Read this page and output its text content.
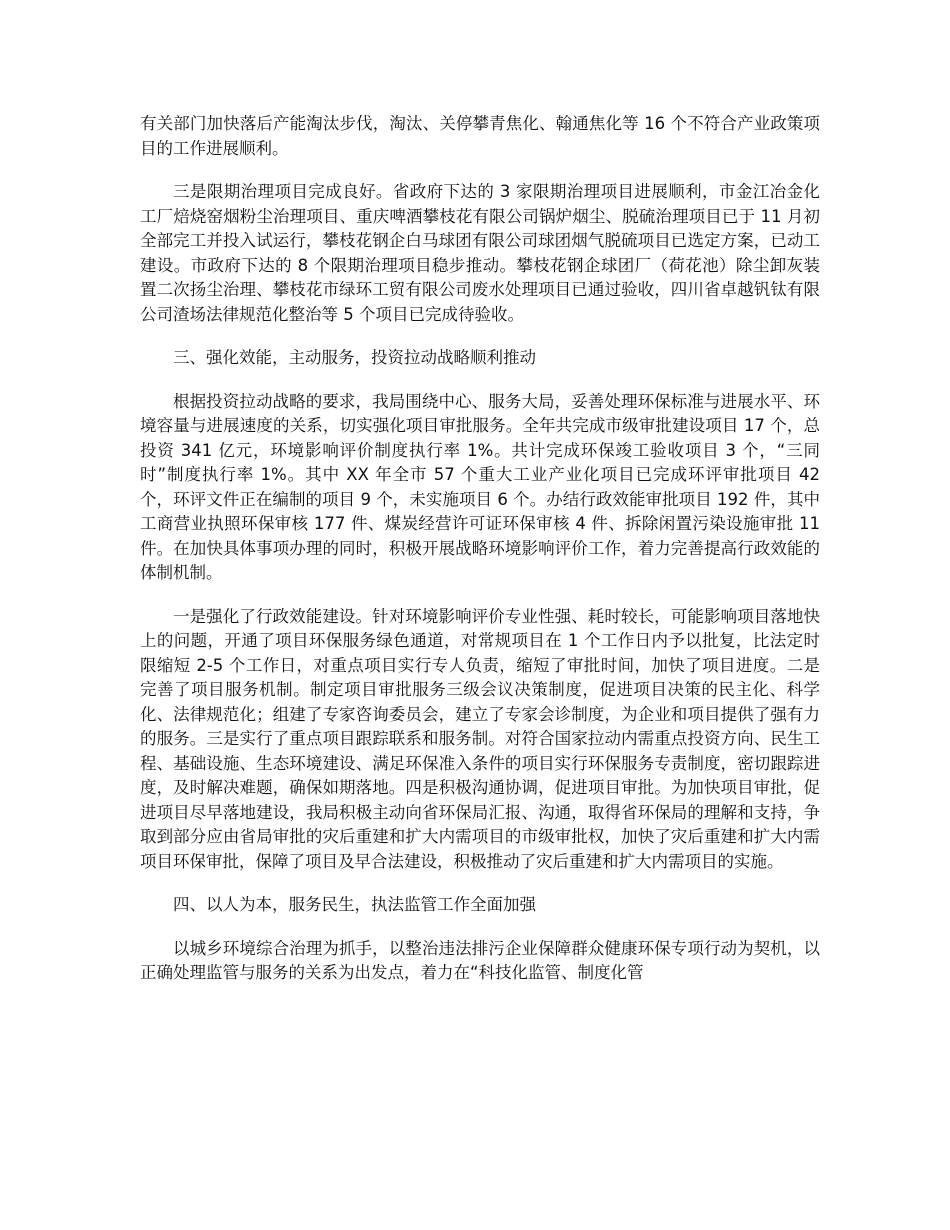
有关部门加快落后产能淘汰步伐，淘汰、关停攀青焦化、翰通焦化等 16 个不符合产业政策项目的工作进展顺利。

三是限期治理项目完成良好。省政府下达的 3 家限期治理项目进展顺利，市金江冶金化工厂焙烧窑烟粉尘治理项目、重庆啤酒攀枝花有限公司锅炉烟尘、脱硫治理项目已于 11 月初全部完工并投入试运行，攀枝花钢企白马球团有限公司球团烟气脱硫项目已选定方案，已动工建设。市政府下达的 8 个限期治理项目稳步推动。攀枝花钢企球团厂（荷花池）除尘卸灰装置二次扬尘治理、攀枝花市绿环工贸有限公司废水处理项目已通过验收，四川省卓越钒钛有限公司渣场法律规范化整治等 5 个项目已完成待验收。

三、强化效能，主动服务，投资拉动战略顺利推动

根据投资拉动战略的要求，我局围绕中心、服务大局，妥善处理环保标准与进展水平、环境容量与进展速度的关系，切实强化项目审批服务。全年共完成市级审批建设项目 17 个，总投资 341 亿元，环境影响评价制度执行率 1%。共计完成环保竣工验收项目 3 个，“三同时”制度执行率 1%。其中 XX 年全市 57 个重大工业产业化项目已完成环评审批项目 42 个，环评文件正在编制的项目 9 个，未实施项目 6 个。办结行政效能审批项目 192 件，其中工商营业执照环保审核 177 件、煤炭经营许可证环保审核 4 件、拆除闲置污染设施审批 11 件。在加快具体事项办理的同时，积极开展战略环境影响评价工作，着力完善提高行政效能的体制机制。

一是强化了行政效能建设。针对环境影响评价专业性强、耗时较长，可能影响项目落地快上的问题，开通了项目环保服务绿色通道，对常规项目在 1 个工作日内予以批复，比法定时限缩短 2-5 个工作日，对重点项目实行专人负责，缩短了审批时间，加快了项目进度。二是完善了项目服务机制。制定项目审批服务三级会议决策制度，促进项目决策的民主化、科学化、法律规范化；组建了专家咨询委员会，建立了专家会诊制度，为企业和项目提供了强有力的服务。三是实行了重点项目跟踪联系和服务制。对符合国家拉动内需重点投资方向、民生工程、基础设施、生态环境建设、满足环保准入条件的项目实行环保服务专责制度，密切跟踪进度，及时解决难题，确保如期落地。四是积极沟通协调，促进项目审批。为加快项目审批，促进项目尽早落地建设，我局积极主动向省环保局汇报、沟通，取得省环保局的理解和支持，争取到部分应由省局审批的灾后重建和扩大内需项目的市级审批权，加快了灾后重建和扩大内需项目环保审批，保障了项目及早合法建设，积极推动了灾后重建和扩大内需项目的实施。

四、以人为本，服务民生，执法监管工作全面加强

以城乡环境综合治理为抓手，以整治违法排污企业保障群众健康环保专项行动为契机，以正确处理监管与服务的关系为出发点，着力在“科技化监管、制度化管
